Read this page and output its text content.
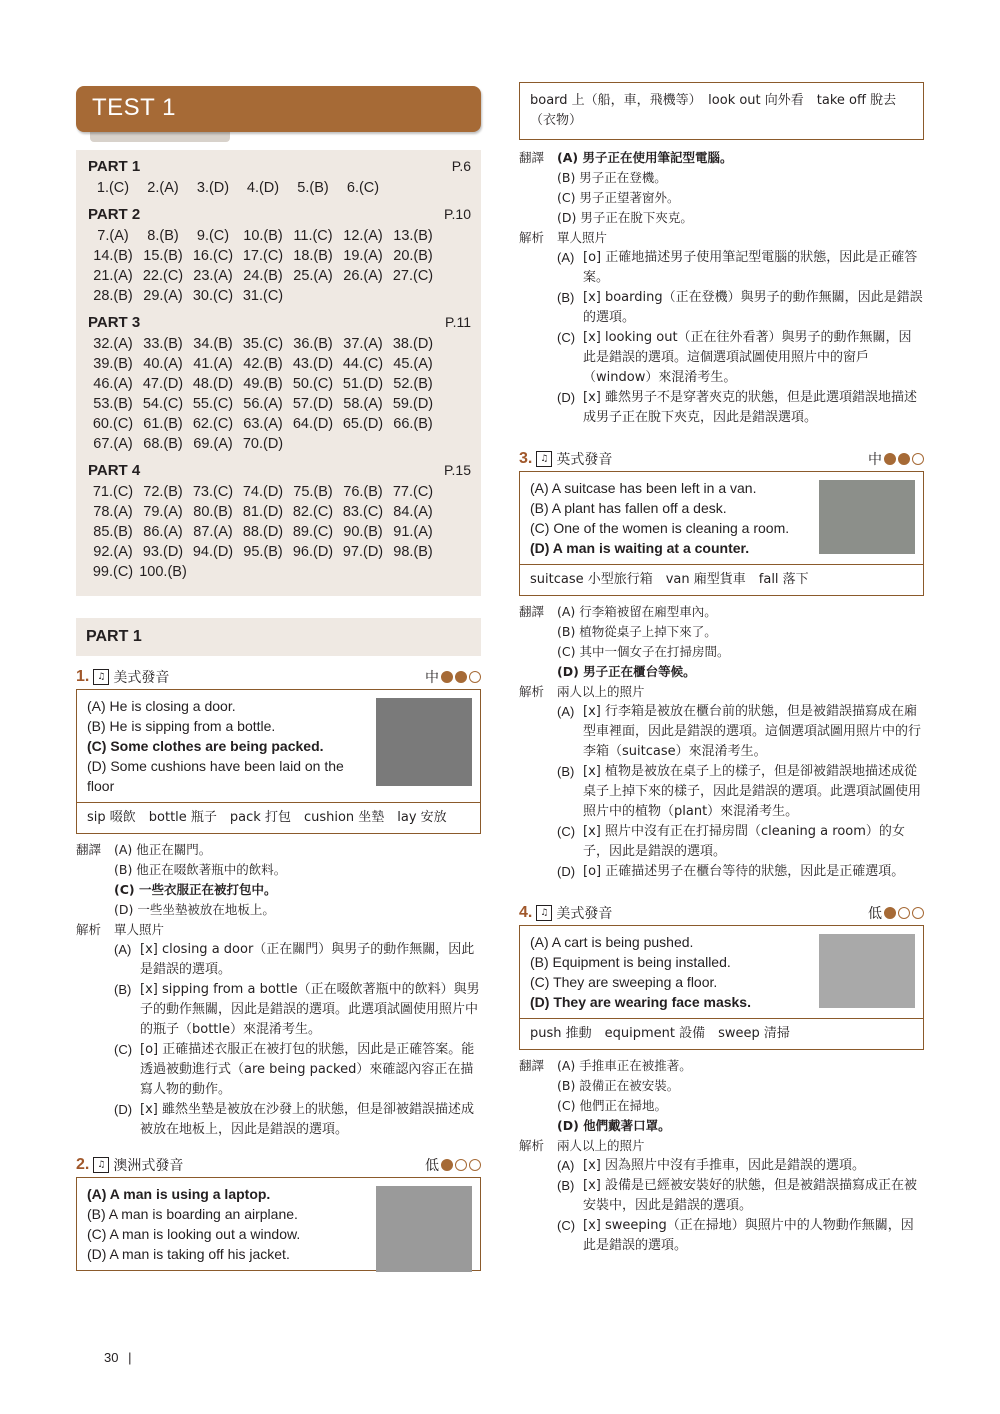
TEST 1
PART 1	P.6
1.(C)	2.(A)	3.(D)	4.(D)	5.(B)	6.(C)
PART 2	P.10
7.(A)	8.(B)	9.(C) 10.(B) 11.(C) 12.(A) 13.(B)
14.(B) 15.(B) 16.(C) 17.(C) 18.(B) 19.(A) 20.(B)
21.(A) 22.(C) 23.(A) 24.(B) 25.(A) 26.(A) 27.(C)
28.(B) 29.(A) 30.(C) 31.(C)
PART 3	P.11
32.(A) 33.(B) 34.(B) 35.(C) 36.(B) 37.(A) 38.(D)
39.(B) 40.(A) 41.(A) 42.(B) 43.(D) 44.(C) 45.(A)
46.(A) 47.(D) 48.(D) 49.(B) 50.(C) 51.(D) 52.(B)
53.(B) 54.(C) 55.(C) 56.(A) 57.(D) 58.(A) 59.(D)
60.(C) 61.(B) 62.(C) 63.(A) 64.(D) 65.(D) 66.(B)
67.(A) 68.(B) 69.(A) 70.(D)
PART 4	P.15
71.(C) 72.(B) 73.(C) 74.(D) 75.(B) 76.(B) 77.(C)
78.(A) 79.(A) 80.(B) 81.(D) 82.(C) 83.(C) 84.(A)
85.(B) 86.(A) 87.(A) 88.(D) 89.(C) 90.(B) 91.(A)
92.(A) 93.(D) 94.(D) 95.(B) 96.(D) 97.(D) 98.(B)
99.(C) 100.(B)
PART 1
1. ♫ 美式發音	中
(A) He is closing a door.
(B) He is sipping from a bottle.
(C) Some clothes are being packed.
(D) Some cushions have been laid on the floor
sip 啜飲　bottle 瓶子　pack 打包　cushion 坐墊　lay 安放
翻譯	(A) 他正在關門。
(B) 他正在啜飲著瓶中的飲料。
(C) 一些衣服正在被打包中。
(D) 一些坐墊被放在地板上。
解析	單人照片
(A) [x] closing a door（正在關門）與男子的動作無關，因此是錯誤的選項。
(B) [x] sipping from a bottle（正在啜飲著瓶中的飲料）與男子的動作無關，因此是錯誤的選項。此選項試圖使用照片中的瓶子（bottle）來混淆考生。
(C) [o] 正確描述衣服正在被打包的狀態，因此是正確答案。能透過被動進行式（are being packed）來確認內容正在描寫人物的動作。
(D) [x] 雖然坐墊是被放在沙發上的狀態，但是卻被錯誤描述成被放在地板上，因此是錯誤的選項。
2. ♫ 澳洲式發音	低
(A) A man is using a laptop.
(B) A man is boarding an airplane.
(C) A man is looking out a window.
(D) A man is taking off his jacket.
board 上（船，車，飛機等）　look out 向外看　take off 脫去（衣物）
翻譯	(A) 男子正在使用筆記型電腦。
(B) 男子正在登機。
(C) 男子正望著窗外。
(D) 男子正在脫下夾克。
解析	單人照片
(A) [o] 正確地描述男子使用筆記型電腦的狀態，因此是正確答案。
(B) [x] boarding（正在登機）與男子的動作無關，因此是錯誤的選項。
(C) [x] looking out（正在往外看著）與男子的動作無關，因此是錯誤的選項。這個選項試圖使用照片中的窗戶（window）來混淆考生。
(D) [x] 雖然男子不是穿著夾克的狀態，但是此選項錯誤地描述成男子正在脫下夾克，因此是錯誤選項。
3. ♫ 英式發音	中
(A) A suitcase has been left in a van.
(B) A plant has fallen off a desk.
(C) One of the women is cleaning a room.
(D) A man is waiting at a counter.
suitcase 小型旅行箱　van 廂型貨車　fall 落下
翻譯	(A) 行李箱被留在廂型車內。
(B) 植物從桌子上掉下來了。
(C) 其中一個女子在打掃房間。
(D) 男子正在櫃台等候。
解析	兩人以上的照片
(A) [x] 行李箱是被放在櫃台前的狀態，但是被錯誤描寫成在廂型車裡面，因此是錯誤的選項。這個選項試圖用照片中的行李箱（suitcase）來混淆考生。
(B) [x] 植物是被放在桌子上的樣子，但是卻被錯誤地描述成從桌子上掉下來的樣子，因此是錯誤的選項。此選項試圖使用照片中的植物（plant）來混淆考生。
(C) [x] 照片中沒有正在打掃房間（cleaning a room）的女子，因此是錯誤的選項。
(D) [o] 正確描述男子在櫃台等待的狀態，因此是正確選項。
4. ♫ 美式發音	低
(A) A cart is being pushed.
(B) Equipment is being installed.
(C) They are sweeping a floor.
(D) They are wearing face masks.
push 推動　equipment 設備　sweep 清掃
翻譯	(A) 手推車正在被推著。
(B) 設備正在被安裝。
(C) 他們正在掃地。
(D) 他們戴著口罩。
解析	兩人以上的照片
(A) [x] 因為照片中沒有手推車，因此是錯誤的選項。
(B) [x] 設備是已經被安裝好的狀態，但是被錯誤描寫成正在被安裝中，因此是錯誤的選項。
(C) [x] sweeping（正在掃地）與照片中的人物動作無關，因此是錯誤的選項。
30 |
